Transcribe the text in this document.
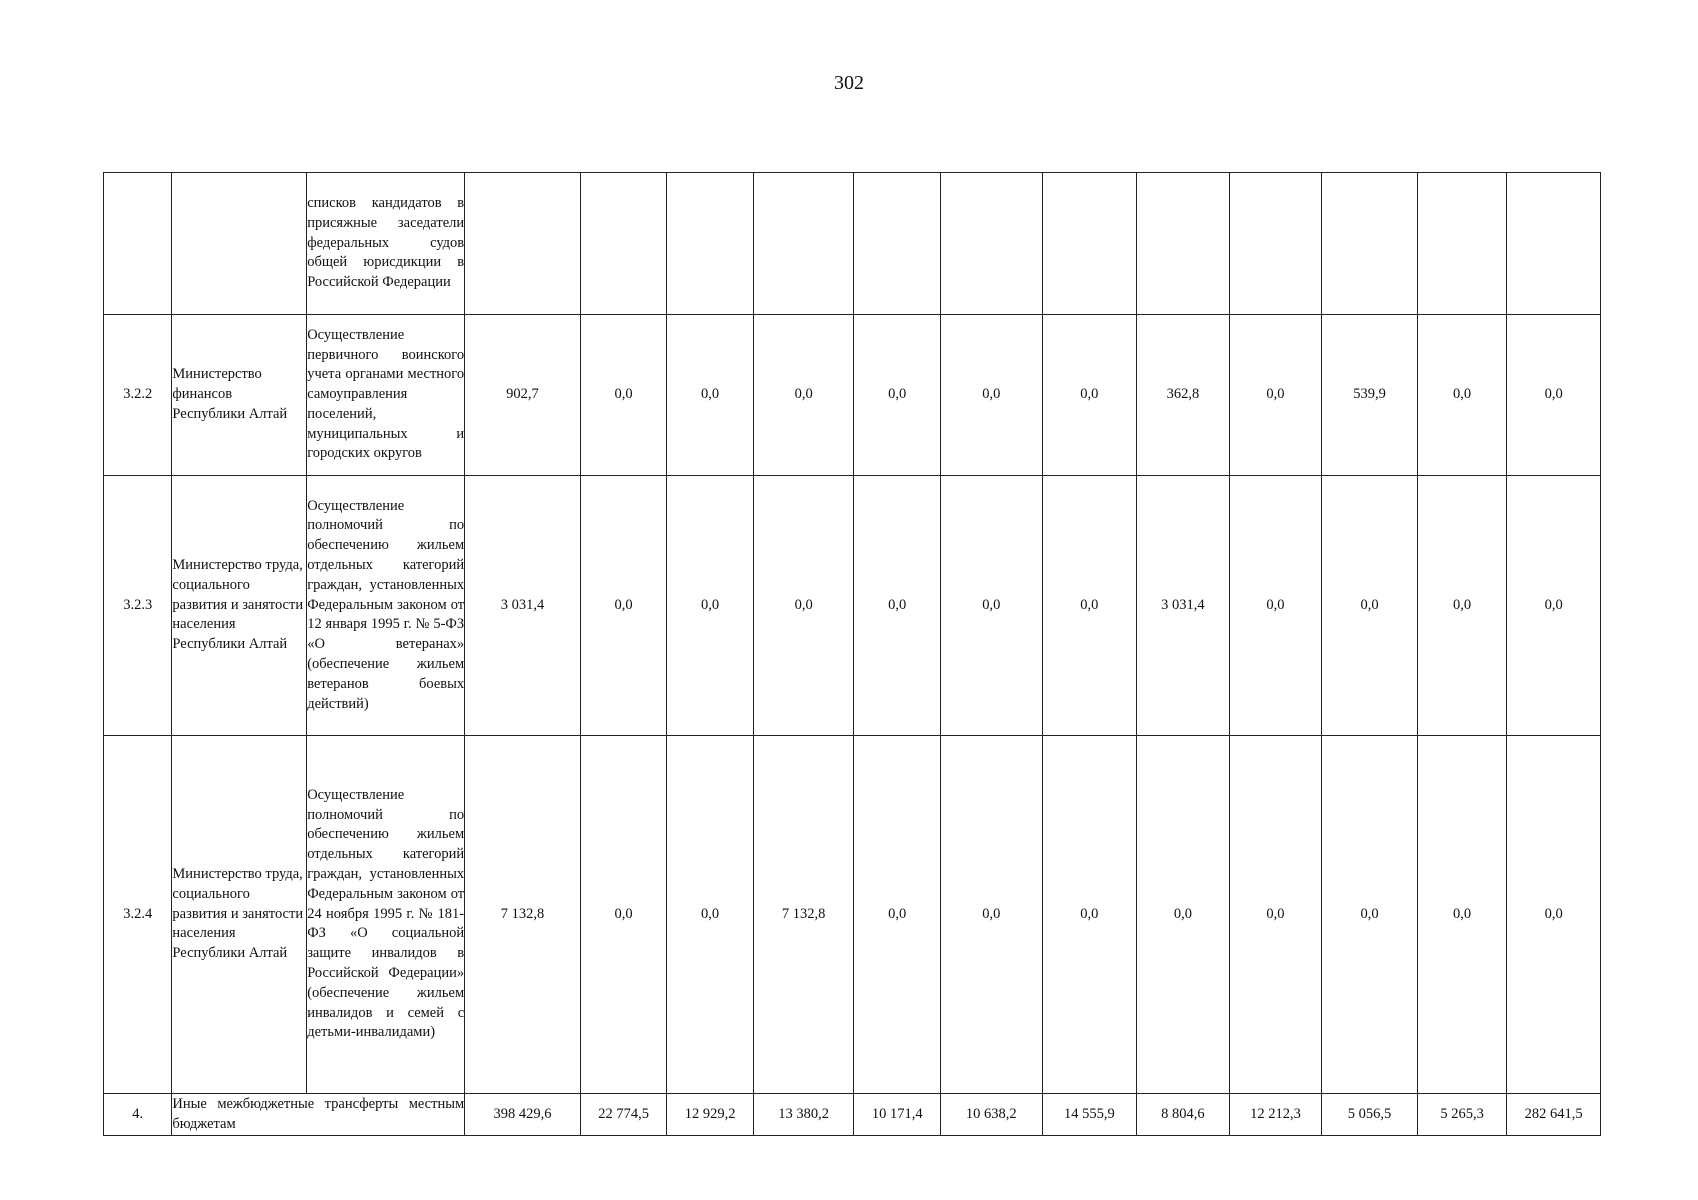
302
		списков кандидатов в присяжные заседатели федеральных судов общей юрисдикции в Российской Федерации												
3.2.2	Министерство финансов Республики Алтай	Осуществление первичного воинского учета органами местного самоуправления поселений, муниципальных и городских округов	902,7	0,0	0,0	0,0	0,0	0,0	0,0	362,8	0,0	539,9	0,0	0,0
3.2.3	Министерство труда, социального развития и занятости населения Республики Алтай	Осуществление полномочий по обеспечению жильем отдельных категорий граждан, установленных Федеральным законом от 12 января 1995 г. № 5-ФЗ «О ветеранах» (обеспечение жильем ветеранов боевых действий)	3 031,4	0,0	0,0	0,0	0,0	0,0	0,0	3 031,4	0,0	0,0	0,0	0,0
3.2.4	Министерство труда, социального развития и занятости населения Республики Алтай	Осуществление полномочий по обеспечению жильем отдельных категорий граждан, установленных Федеральным законом от 24 ноября 1995 г. № 181-ФЗ «О социальной защите инвалидов в Российской Федерации» (обеспечение жильем инвалидов и семей с детьми-инвалидами)	7 132,8	0,0	0,0	7 132,8	0,0	0,0	0,0	0,0	0,0	0,0	0,0	0,0
4.	Иные межбюджетные трансферты местным бюджетам		398 429,6	22 774,5	12 929,2	13 380,2	10 171,4	10 638,2	14 555,9	8 804,6	12 212,3	5 056,5	5 265,3	282 641,5
